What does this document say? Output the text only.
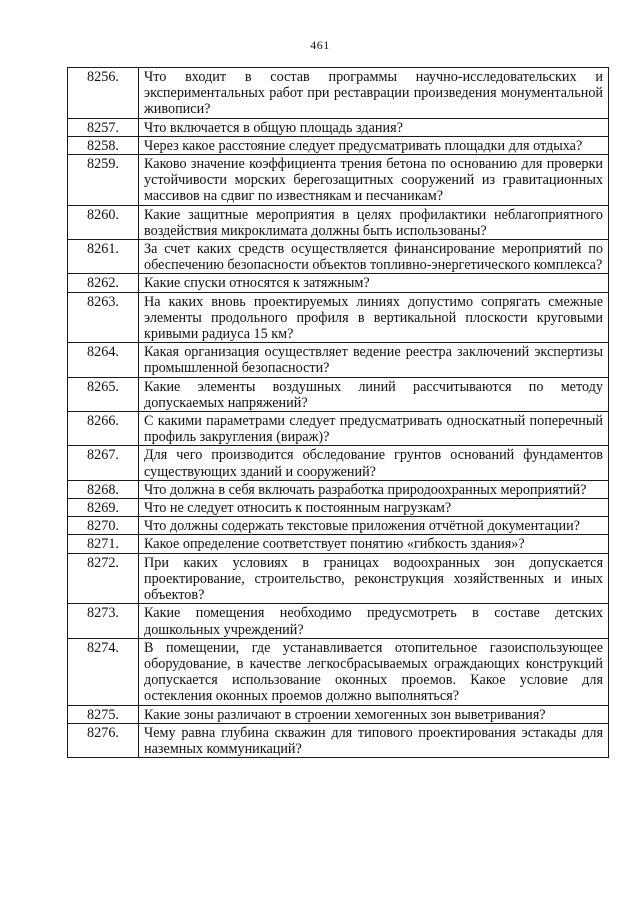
461
8256.	Что входит в состав программы научно-исследовательских и экспериментальных работ при реставрации произведения монументальной живописи?
8257.	Что включается в общую площадь здания?
8258.	Через какое расстояние следует предусматривать площадки для отдыха?
8259.	Каково значение коэффициента трения бетона по основанию для проверки устойчивости морских берегозащитных сооружений из гравитационных массивов на сдвиг по известнякам и песчаникам?
8260.	Какие защитные мероприятия в целях профилактики неблагоприятного воздействия микроклимата должны быть использованы?
8261.	За счет каких средств осуществляется финансирование мероприятий по обеспечению безопасности объектов топливно-энергетического комплекса?
8262.	Какие спуски относятся к затяжным?
8263.	На каких вновь проектируемых линиях допустимо сопрягать смежные элементы продольного профиля в вертикальной плоскости круговыми кривыми радиуса 15 км?
8264.	Какая организация осуществляет ведение реестра заключений экспертизы промышленной безопасности?
8265.	Какие элементы воздушных линий рассчитываются по методу допускаемых напряжений?
8266.	С какими параметрами следует предусматривать односкатный поперечный профиль закругления (вираж)?
8267.	Для чего производится обследование грунтов оснований фундаментов существующих зданий и сооружений?
8268.	Что должна в себя включать разработка природоохранных мероприятий?
8269.	Что не следует относить к постоянным нагрузкам?
8270.	Что должны содержать текстовые приложения отчётной документации?
8271.	Какое определение соответствует понятию «гибкость здания»?
8272.	При каких условиях в границах водоохранных зон допускается проектирование, строительство, реконструкция хозяйственных и иных объектов?
8273.	Какие помещения необходимо предусмотреть в составе детских дошкольных учреждений?
8274.	В помещении, где устанавливается отопительное газоиспользующее оборудование, в качестве легкосбрасываемых ограждающих конструкций допускается использование оконных проемов. Какое условие для остекления оконных проемов должно выполняться?
8275.	Какие зоны различают в строении хемогенных зон выветривания?
8276.	Чему равна глубина скважин для типового проектирования эстакады для наземных коммуникаций?
